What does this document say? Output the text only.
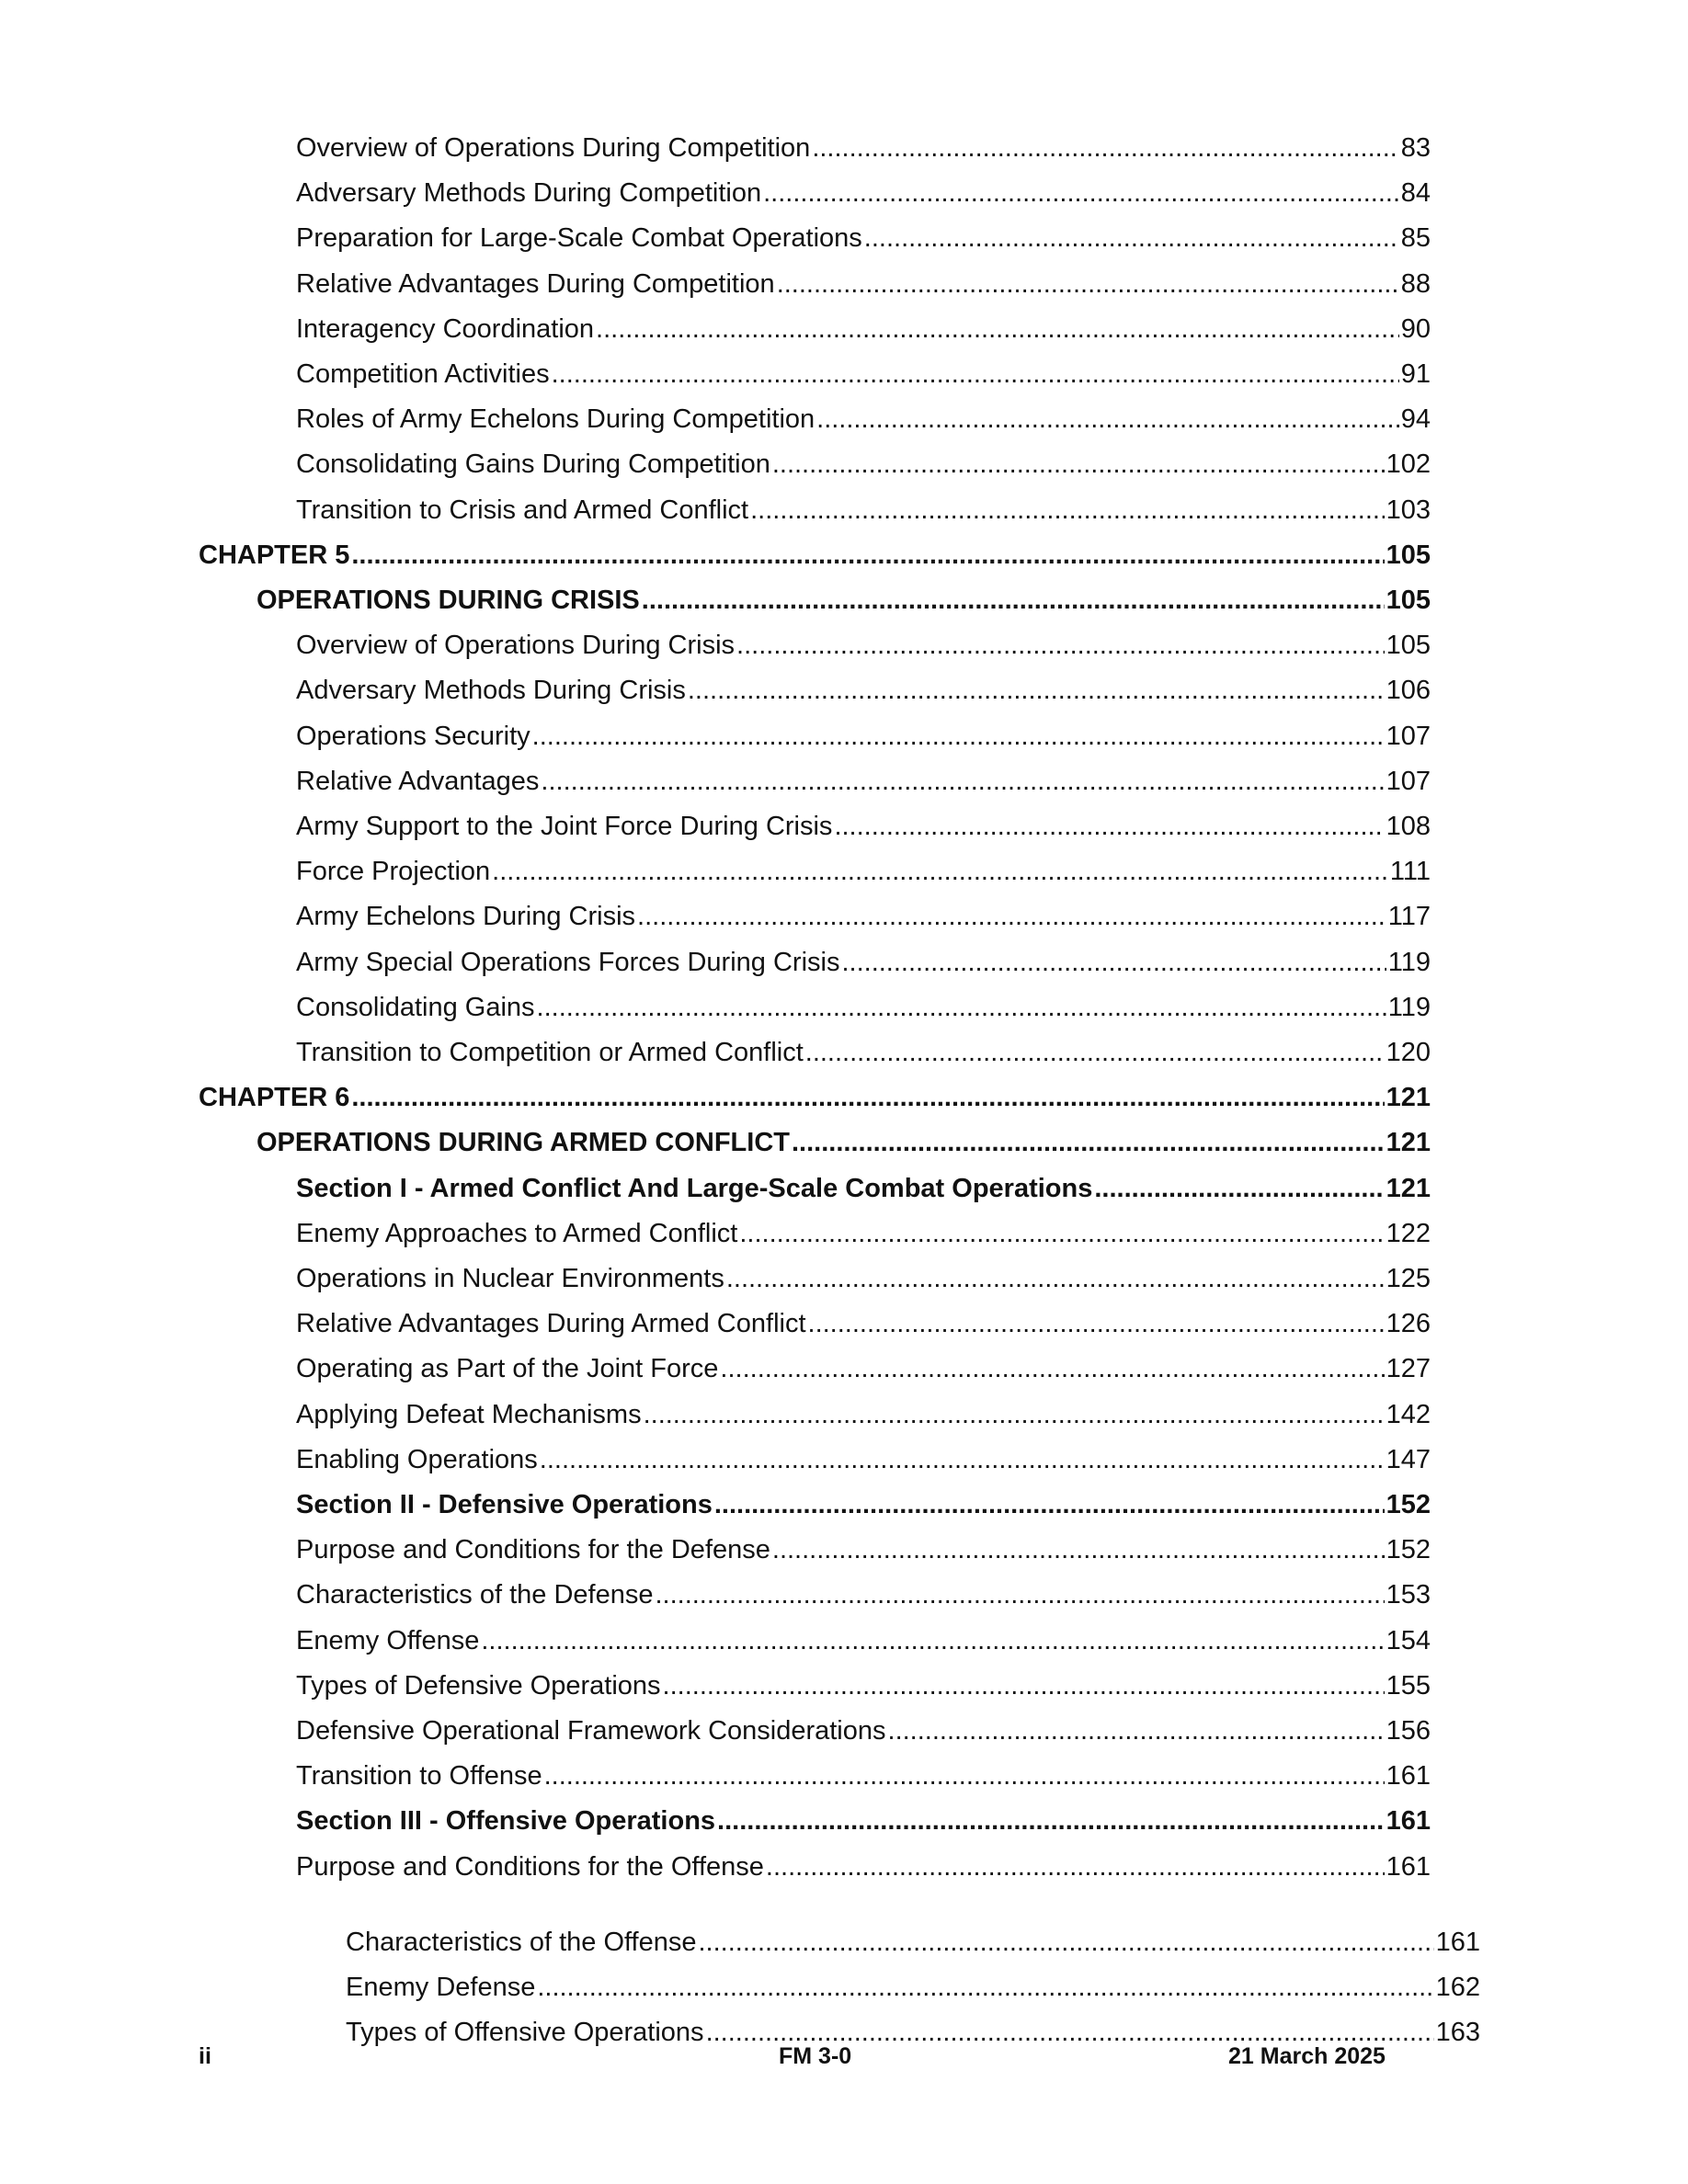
Overview of Operations During Competition .....	83
Adversary Methods During Competition .....	84
Preparation for Large-Scale Combat Operations .....	85
Relative Advantages During Competition .....	88
Interagency Coordination .....	90
Competition Activities .....	91
Roles of Army Echelons During Competition .....	94
Consolidating Gains During Competition .....	102
Transition to Crisis and Armed Conflict .....	103
CHAPTER 5 .....	105
OPERATIONS DURING CRISIS .....	105
Overview of Operations During Crisis .....	105
Adversary Methods During Crisis .....	106
Operations Security .....	107
Relative Advantages .....	107
Army Support to the Joint Force During Crisis .....	108
Force Projection .....	111
Army Echelons During Crisis .....	117
Army Special Operations Forces During Crisis .....	119
Consolidating Gains .....	119
Transition to Competition or Armed Conflict .....	120
CHAPTER 6 .....	121
OPERATIONS DURING ARMED CONFLICT .....	121
Section I - Armed Conflict And Large-Scale Combat Operations .....	121
Enemy Approaches to Armed Conflict .....	122
Operations in Nuclear Environments .....	125
Relative Advantages During Armed Conflict .....	126
Operating as Part of the Joint Force .....	127
Applying Defeat Mechanisms .....	142
Enabling Operations .....	147
Section II - Defensive Operations .....	152
Purpose and Conditions for the Defense .....	152
Characteristics of the Defense .....	153
Enemy Offense .....	154
Types of Defensive Operations .....	155
Defensive Operational Framework Considerations .....	156
Transition to Offense .....	161
Section III - Offensive Operations .....	161
Purpose and Conditions for the Offense .....	161
Characteristics of the Offense .....	161
Enemy Defense .....	162
Types of Offensive Operations .....	163
ii	FM 3-0	21 March 2025
